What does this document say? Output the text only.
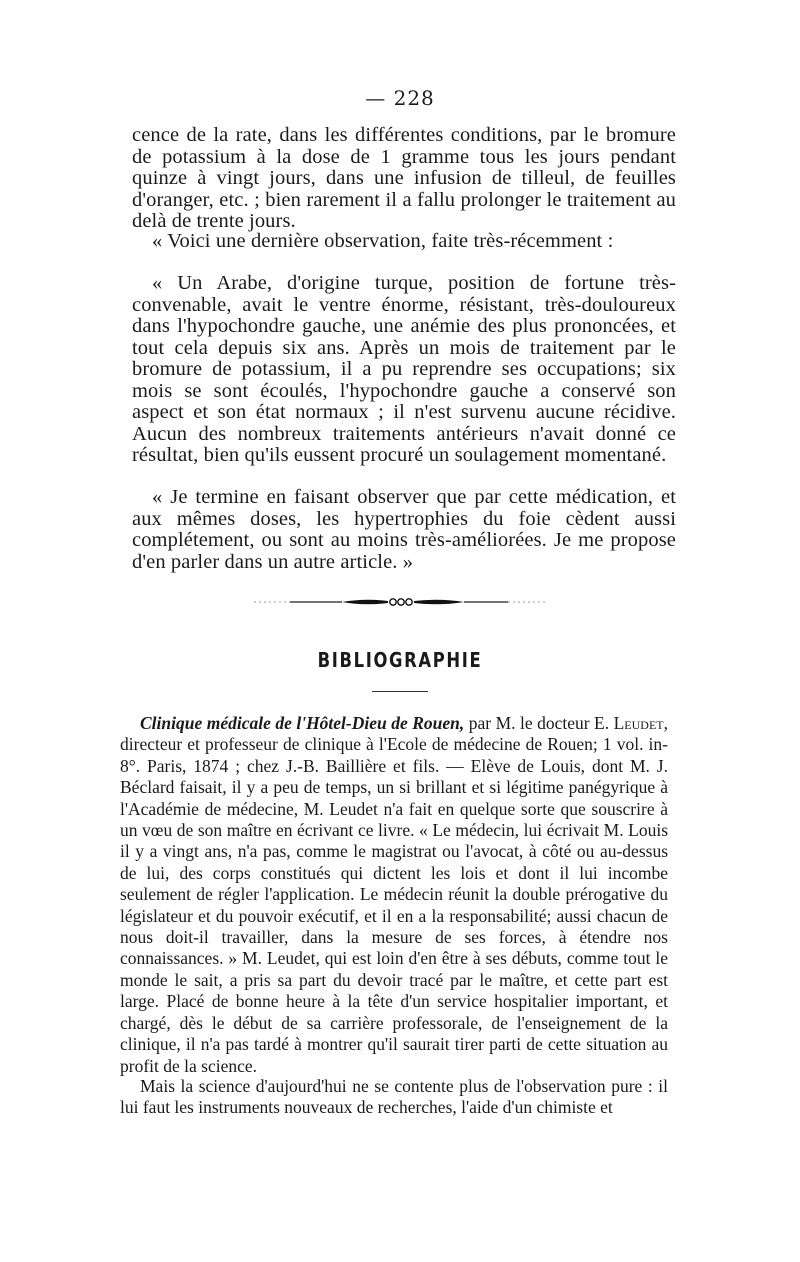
— 228

cence de la rate, dans les différentes conditions, par le bromure de potassium à la dose de 1 gramme tous les jours pendant quinze à vingt jours, dans une infusion de tilleul, de feuilles d'oranger, etc. ; bien rarement il a fallu prolonger le traitement au delà de trente jours.

« Voici une dernière observation, faite très-récemment :

« Un Arabe, d'origine turque, position de fortune très-convenable, avait le ventre énorme, résistant, très-douloureux dans l'hypochondre gauche, une anémie des plus prononcées, et tout cela depuis six ans. Après un mois de traitement par le bromure de potassium, il a pu reprendre ses occupations; six mois se sont écoulés, l'hypochondre gauche a conservé son aspect et son état normaux ; il n'est survenu aucune récidive. Aucun des nombreux traitements antérieurs n'avait donné ce résultat, bien qu'ils eussent procuré un soulagement momentané.

« Je termine en faisant observer que par cette médication, et aux mêmes doses, les hypertrophies du foie cèdent aussi complétement, ou sont au moins très-améliorées. Je me propose d'en parler dans un autre article. »

BIBLIOGRAPHIE

Clinique médicale de l'Hôtel-Dieu de Rouen, par M. le docteur E. Leudet, directeur et professeur de clinique à l'Ecole de médecine de Rouen; 1 vol. in-8°. Paris, 1874 ; chez J.-B. Baillière et fils. — Elève de Louis, dont M. J. Béclard faisait, il y a peu de temps, un si brillant et si légitime panégyrique à l'Académie de médecine, M. Leudet n'a fait en quelque sorte que souscrire à un vœu de son maître en écrivant ce livre. « Le médecin, lui écrivait M. Louis il y a vingt ans, n'a pas, comme le magistrat ou l'avocat, à côté ou au-dessus de lui, des corps constitués qui dictent les lois et dont il lui incombe seulement de régler l'application. Le médecin réunit la double prérogative du législateur et du pouvoir exécutif, et il en a la responsabilité; aussi chacun de nous doit-il travailler, dans la mesure de ses forces, à étendre nos connaissances. » M. Leudet, qui est loin d'en être à ses débuts, comme tout le monde le sait, a pris sa part du devoir tracé par le maître, et cette part est large. Placé de bonne heure à la tête d'un service hospitalier important, et chargé, dès le début de sa carrière professorale, de l'enseignement de la clinique, il n'a pas tardé à montrer qu'il saurait tirer parti de cette situation au profit de la science.

Mais la science d'aujourd'hui ne se contente plus de l'observation pure : il lui faut les instruments nouveaux de recherches, l'aide d'un chimiste et
